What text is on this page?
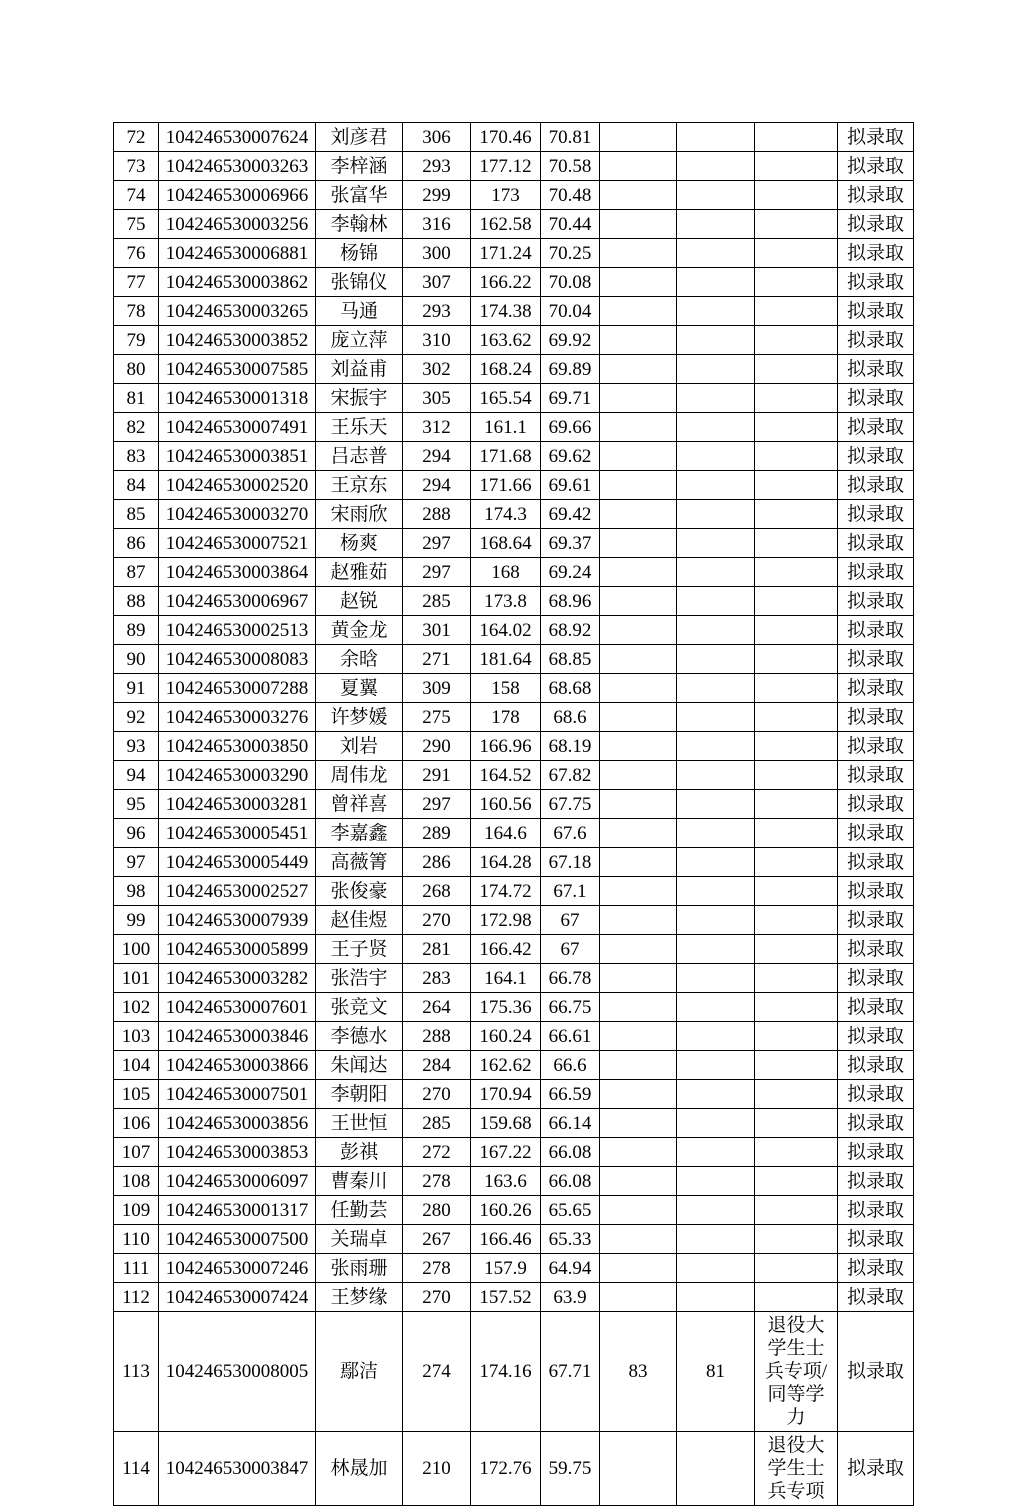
72	104246530007624	刘彦君	306	170.46	70.81				拟录取
73	104246530003263	李梓涵	293	177.12	70.58				拟录取
74	104246530006966	张富华	299	173	70.48				拟录取
75	104246530003256	李翰林	316	162.58	70.44				拟录取
76	104246530006881	杨锦	300	171.24	70.25				拟录取
77	104246530003862	张锦仪	307	166.22	70.08				拟录取
78	104246530003265	马通	293	174.38	70.04				拟录取
79	104246530003852	庞立萍	310	163.62	69.92				拟录取
80	104246530007585	刘益甫	302	168.24	69.89				拟录取
81	104246530001318	宋振宇	305	165.54	69.71				拟录取
82	104246530007491	王乐天	312	161.1	69.66				拟录取
83	104246530003851	吕志普	294	171.68	69.62				拟录取
84	104246530002520	王京东	294	171.66	69.61				拟录取
85	104246530003270	宋雨欣	288	174.3	69.42				拟录取
86	104246530007521	杨爽	297	168.64	69.37				拟录取
87	104246530003864	赵雅茹	297	168	69.24				拟录取
88	104246530006967	赵锐	285	173.8	68.96				拟录取
89	104246530002513	黄金龙	301	164.02	68.92				拟录取
90	104246530008083	余晗	271	181.64	68.85				拟录取
91	104246530007288	夏翼	309	158	68.68				拟录取
92	104246530003276	许梦媛	275	178	68.6				拟录取
93	104246530003850	刘岩	290	166.96	68.19				拟录取
94	104246530003290	周伟龙	291	164.52	67.82				拟录取
95	104246530003281	曾祥喜	297	160.56	67.75				拟录取
96	104246530005451	李嘉鑫	289	164.6	67.6				拟录取
97	104246530005449	高薇箐	286	164.28	67.18				拟录取
98	104246530002527	张俊豪	268	174.72	67.1				拟录取
99	104246530007939	赵佳煜	270	172.98	67				拟录取
100	104246530005899	王子贤	281	166.42	67				拟录取
101	104246530003282	张浩宇	283	164.1	66.78				拟录取
102	104246530007601	张竞文	264	175.36	66.75				拟录取
103	104246530003846	李德水	288	160.24	66.61				拟录取
104	104246530003866	朱闻达	284	162.62	66.6				拟录取
105	104246530007501	李朝阳	270	170.94	66.59				拟录取
106	104246530003856	王世恒	285	159.68	66.14				拟录取
107	104246530003853	彭祺	272	167.22	66.08				拟录取
108	104246530006097	曹秦川	278	163.6	66.08				拟录取
109	104246530001317	任勤芸	280	160.26	65.65				拟录取
110	104246530007500	关瑞卓	267	166.46	65.33				拟录取
111	104246530007246	张雨珊	278	157.9	64.94				拟录取
112	104246530007424	王梦缘	270	157.52	63.9				拟录取
113	104246530008005	鄢洁	274	174.16	67.71	83	81	退役大学生士兵专项/同等学力	拟录取
114	104246530003847	林晟加	210	172.76	59.75			退役大学生士兵专项	拟录取
